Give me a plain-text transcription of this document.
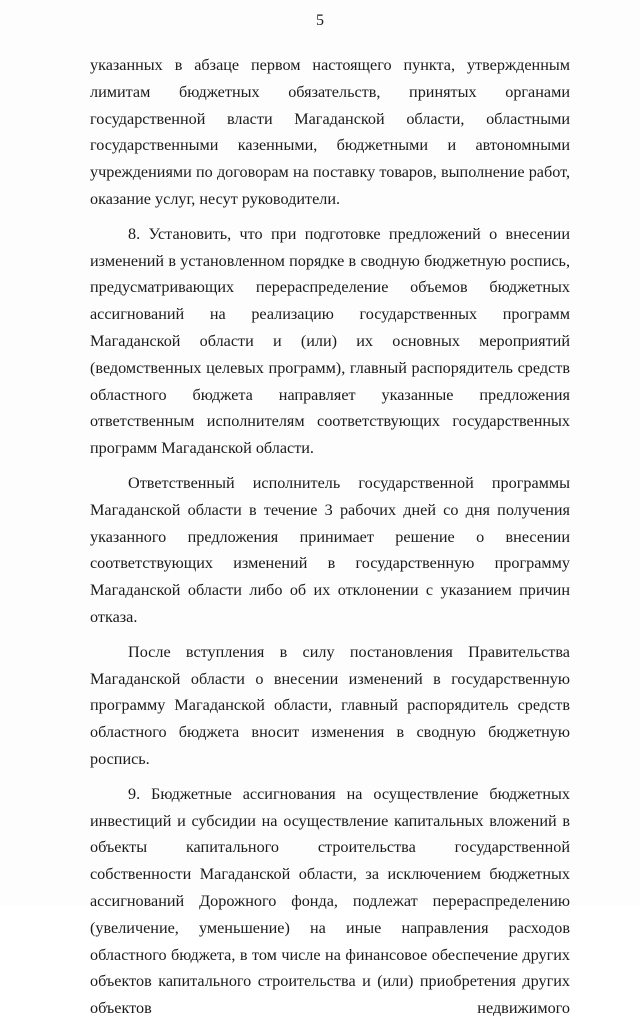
5

указанных в абзаце первом настоящего пункта, утвержденным лимитам бюджетных обязательств, принятых органами государственной власти Магаданской области, областными государственными казенными, бюджетными и автономными учреждениями по договорам на поставку товаров, выполнение работ, оказание услуг, несут руководители.

8. Установить, что при подготовке предложений о внесении изменений в установленном порядке в сводную бюджетную роспись, предусматривающих перераспределение объемов бюджетных ассигнований на реализацию государственных программ Магаданской области и (или) их основных мероприятий (ведомственных целевых программ), главный распорядитель средств областного бюджета направляет указанные предложения ответственным исполнителям соответствующих государственных программ Магаданской области.

Ответственный исполнитель государственной программы Магаданской области в течение 3 рабочих дней со дня получения указанного предложения принимает решение о внесении соответствующих изменений в государственную программу Магаданской области либо об их отклонении с указанием причин отказа.

После вступления в силу постановления Правительства Магаданской области о внесении изменений в государственную программу Магаданской области, главный распорядитель средств областного бюджета вносит изменения в сводную бюджетную роспись.

9. Бюджетные ассигнования на осуществление бюджетных инвестиций и субсидии на осуществление капитальных вложений в объекты капитального строительства государственной собственности Магаданской области, за исключением бюджетных ассигнований Дорожного фонда, подлежат перераспределению (увеличение, уменьшение) на иные направления расходов областного бюджета, в том числе на финансовое обеспечение других объектов капитального строительства и (или) приобретения других объектов недвижимого
